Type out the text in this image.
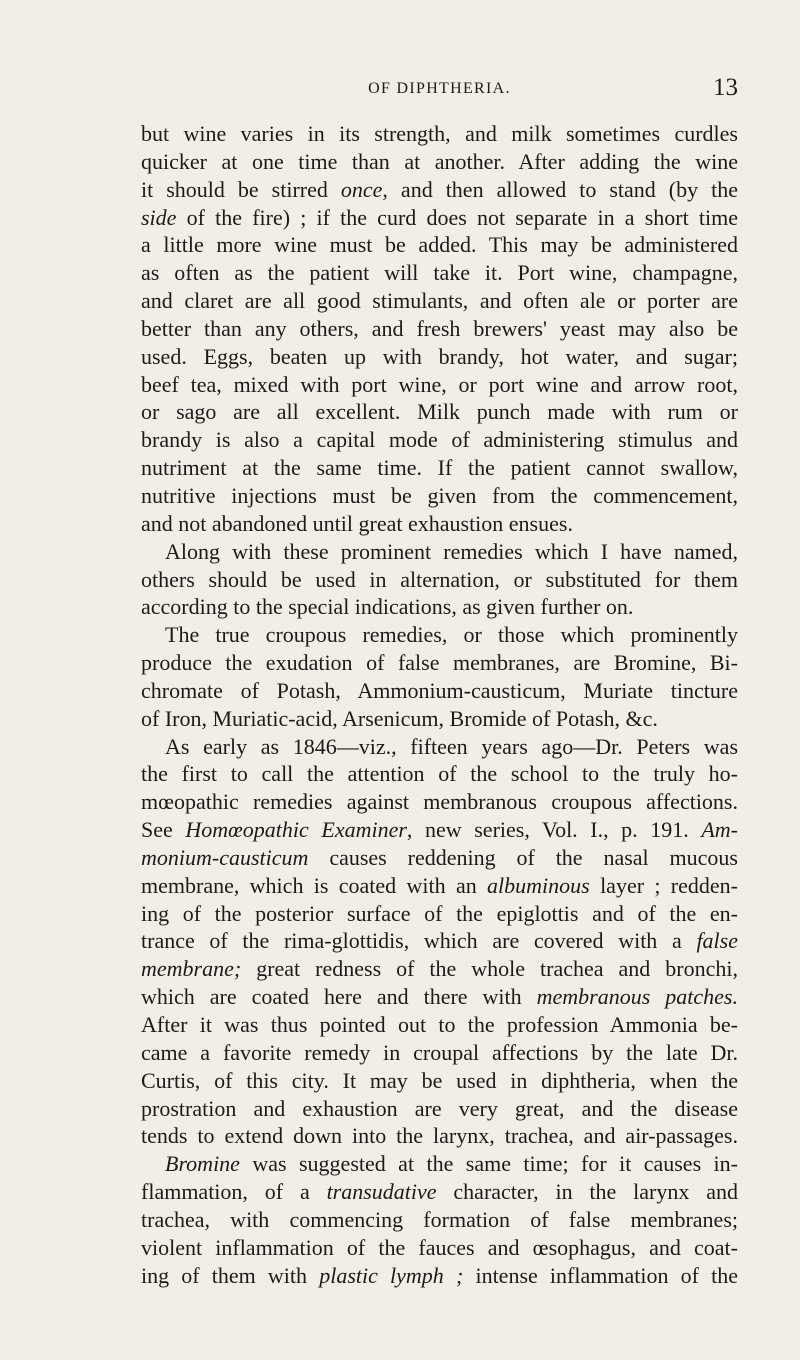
OF DIPHTHERIA.	13
but wine varies in its strength, and milk sometimes curdles
quicker at one time than at another. After adding the wine
it should be stirred once, and then allowed to stand (by the
side of the fire) ; if the curd does not separate in a short time
a little more wine must be added. This may be administered
as often as the patient will take it. Port wine, champagne,
and claret are all good stimulants, and often ale or porter are
better than any others, and fresh brewers' yeast may also be
used. Eggs, beaten up with brandy, hot water, and sugar;
beef tea, mixed with port wine, or port wine and arrow root,
or sago are all excellent. Milk punch made with rum or
brandy is also a capital mode of administering stimulus and
nutriment at the same time. If the patient cannot swallow,
nutritive injections must be given from the commencement,
and not abandoned until great exhaustion ensues.
Along with these prominent remedies which I have named,
others should be used in alternation, or substituted for them
according to the special indications, as given further on.
The true croupous remedies, or those which prominently
produce the exudation of false membranes, are Bromine, Bi-
chromate of Potash, Ammonium-causticum, Muriate tincture
of Iron, Muriatic-acid, Arsenicum, Bromide of Potash, &c.
As early as 1846—viz., fifteen years ago—Dr. Peters was
the first to call the attention of the school to the truly ho-
mœopathic remedies against membranous croupous affections.
See Homœopathic Examiner, new series, Vol. I., p. 191. Am-
monium-causticum causes reddening of the nasal mucous
membrane, which is coated with an albuminous layer ; redden-
ing of the posterior surface of the epiglottis and of the en-
trance of the rima-glottidis, which are covered with a false
membrane; great redness of the whole trachea and bronchi,
which are coated here and there with membranous patches.
After it was thus pointed out to the profession Ammonia be-
came a favorite remedy in croupal affections by the late Dr.
Curtis, of this city. It may be used in diphtheria, when the
prostration and exhaustion are very great, and the disease
tends to extend down into the larynx, trachea, and air-passages.
Bromine was suggested at the same time; for it causes in-
flammation, of a transudative character, in the larynx and
trachea, with commencing formation of false membranes;
violent inflammation of the fauces and œsophagus, and coat-
ing of them with plastic lymph ; intense inflammation of the
